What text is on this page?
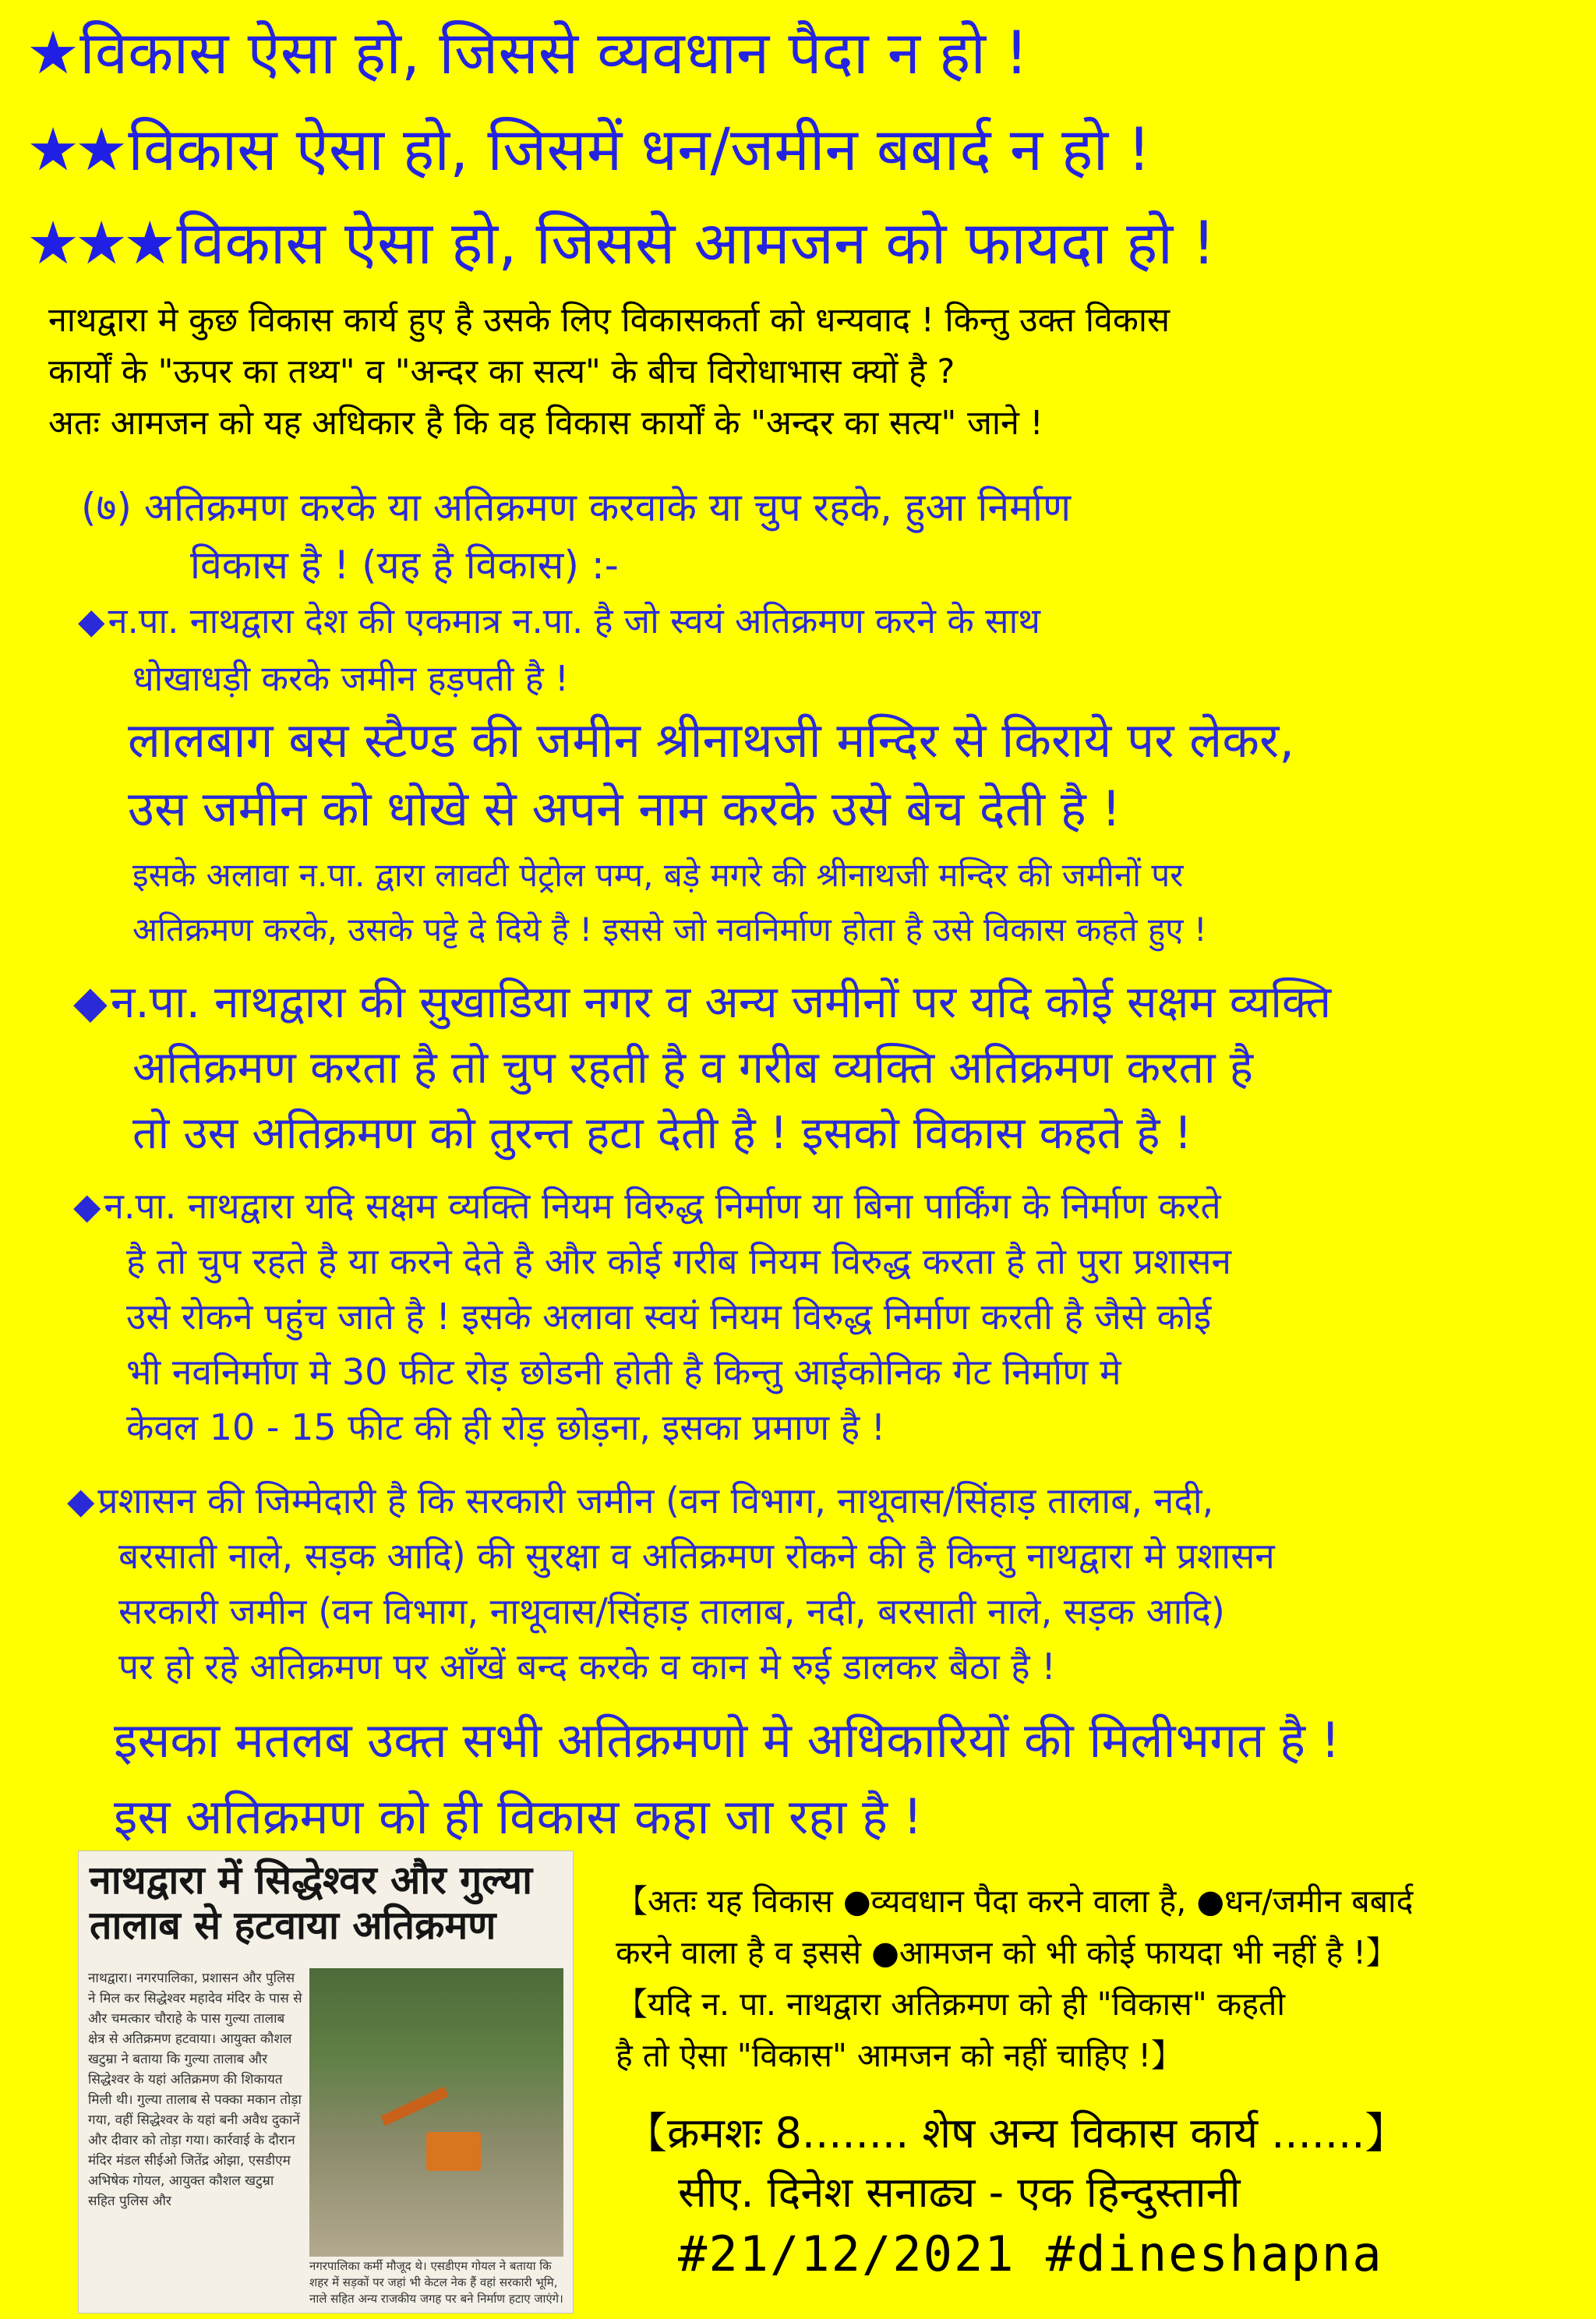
★विकास ऐसा हो, जिससे व्यवधान पैदा न हो !
★★विकास ऐसा हो, जिसमें धन/जमीन बबार्द न हो !
★★★विकास ऐसा हो, जिससे आमजन को फायदा हो !
नाथद्वारा मे कुछ विकास कार्य हुए है उसके लिए विकासकर्ता को धन्यवाद ! किन्तु उक्त विकास
कार्यों के "ऊपर का तथ्य" व "अन्दर का सत्य" के बीच विरोधाभास क्यों है ?
अतः आमजन को यह अधिकार है कि वह विकास कार्यों के "अन्दर का सत्य" जाने !
(७) अतिक्रमण करके या अतिक्रमण करवाके या चुप रहके, हुआ निर्माण
विकास है ! (यह है विकास) :-
◆न.पा. नाथद्वारा देश की एकमात्र न.पा. है जो स्वयं अतिक्रमण करने के साथ
धोखाधड़ी करके जमीन हड़पती है !
लालबाग बस स्टैण्ड की जमीन श्रीनाथजी मन्दिर से किराये पर लेकर,
उस जमीन को धोखे से अपने नाम करके उसे बेच देती है !
इसके अलावा न.पा. द्वारा लावटी पेट्रोल पम्प, बड़े मगरे की श्रीनाथजी मन्दिर की जमीनों पर
अतिक्रमण करके, उसके पट्टे दे दिये है ! इससे जो नवनिर्माण होता है उसे विकास कहते हुए !
◆न.पा. नाथद्वारा की सुखाडिया नगर व अन्य जमीनों पर यदि कोई सक्षम व्यक्ति
अतिक्रमण करता है तो चुप रहती है व गरीब व्यक्ति अतिक्रमण करता है
तो उस अतिक्रमण को तुरन्त हटा देती है ! इसको विकास कहते है !
◆न.पा. नाथद्वारा यदि सक्षम व्यक्ति नियम विरुद्ध निर्माण या बिना पार्किंग के निर्माण करते
है तो चुप रहते है या करने देते है और कोई गरीब नियम विरुद्ध करता है तो पुरा प्रशासन
उसे रोकने पहुंच जाते है ! इसके अलावा स्वयं नियम विरुद्ध निर्माण करती है जैसे कोई
भी नवनिर्माण मे 30 फीट रोड़ छोडनी होती है किन्तु आईकोनिक गेट निर्माण मे
केवल 10 - 15 फीट की ही रोड़ छोड़ना, इसका प्रमाण है !
◆प्रशासन की जिम्मेदारी है कि सरकारी जमीन (वन विभाग, नाथूवास/सिंहाड़ तालाब, नदी,
बरसाती नाले, सड़क आदि) की सुरक्षा व अतिक्रमण रोकने की है किन्तु नाथद्वारा मे प्रशासन
सरकारी जमीन (वन विभाग, नाथूवास/सिंहाड़ तालाब, नदी, बरसाती नाले, सड़क आदि)
पर हो रहे अतिक्रमण पर आँखें बन्द करके व कान मे रुई डालकर बैठा है !
इसका मतलब उक्त सभी अतिक्रमणो मे अधिकारियों की मिलीभगत है !
इस अतिक्रमण को ही विकास कहा जा रहा है !
नाथद्वारा में सिद्धेश्वर और गुल्या
तालाब से हटवाया अतिक्रमण
नाथद्वारा। नगरपालिका, प्रशासन और पुलिस ने मिल कर सिद्धेश्वर महादेव मंदिर के पास से और चमत्कार चौराहे के पास गुल्या तालाब क्षेत्र से अतिक्रमण हटवाया। आयुक्त कौशल खटुम्रा ने बताया कि गुल्या तालाब और सिद्धेश्वर के यहां अतिक्रमण की शिकायत मिली थी। गुल्या तालाब से पक्का मकान तोड़ा गया, वहीं सिद्धेश्वर के यहां बनी अवैध दुकानें और दीवार को तोड़ा गया। कार्रवाई के दौरान मंदिर मंडल सीईओ जितेंद्र ओझा, एसडीएम अभिषेक गोयल, आयुक्त कौशल खटुम्रा सहित पुलिस और
नगरपालिका कर्मी मौजूद थे। एसडीएम गोयल ने बताया कि शहर में सड़कों पर जहां भी केटल नेक हैं वहां सरकारी भूमि, नाले सहित अन्य राजकीय जगह पर बने निर्माण हटाए जाएंगे।
【अतः यह विकास ●व्यवधान पैदा करने वाला है, ●धन/जमीन बबार्द
करने वाला है व इससे ●आमजन को भी कोई फायदा भी नहीं है !】
【यदि न. पा. नाथद्वारा अतिक्रमण को ही "विकास" कहती
है तो ऐसा "विकास" आमजन को नहीं चाहिए !】
【क्रमशः 8........ शेष अन्य विकास कार्य .......】
सीए. दिनेश सनाढ्य - एक हिन्दुस्तानी
#21/12/2021 #dineshapna
